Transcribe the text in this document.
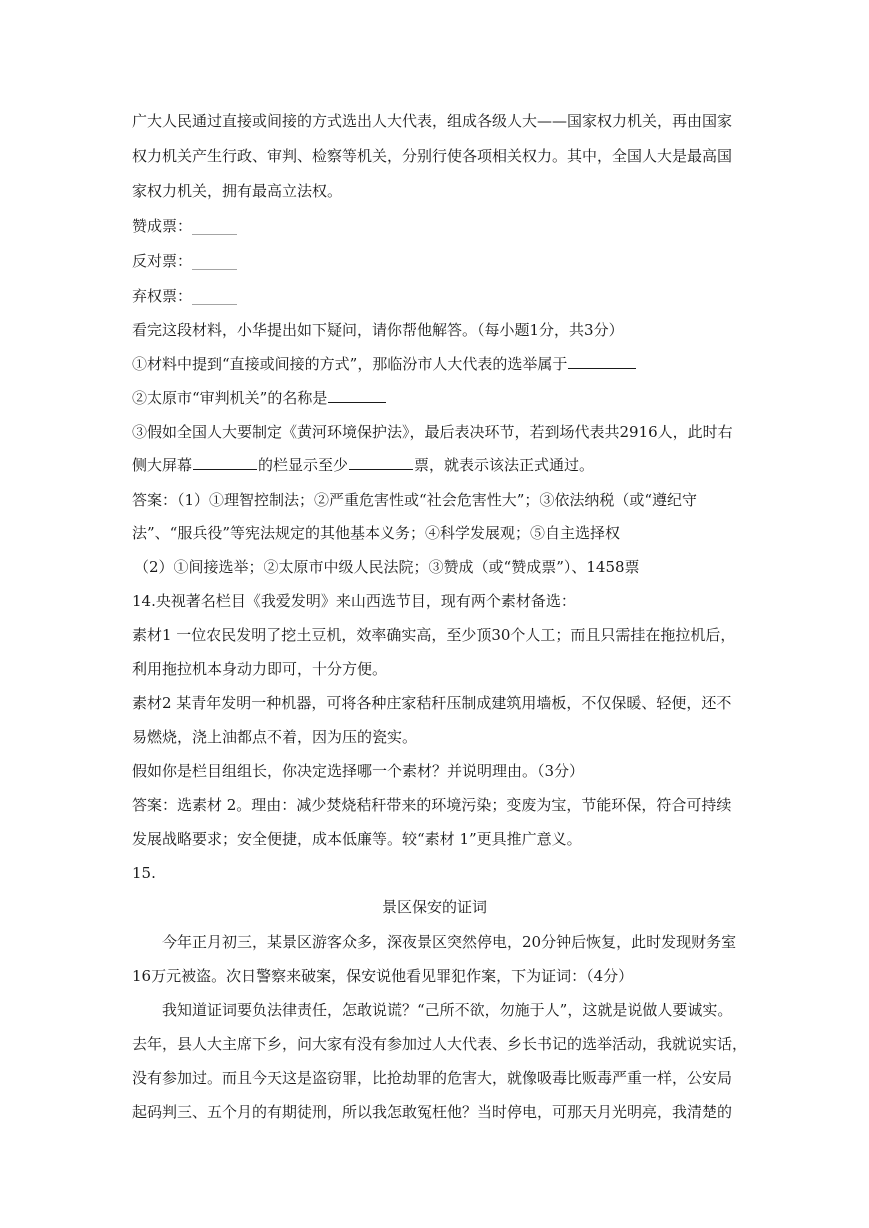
广大人民通过直接或间接的方式选出人大代表，组成各级人大——国家权力机关，再由国家
权力机关产生行政、审判、检察等机关，分别行使各项相关权力。其中，全国人大是最高国
家权力机关，拥有最高立法权。
赞成票：______
反对票：______
弃权票：______
看完这段材料，小华提出如下疑问，请你帮他解答。（每小题1分，共3分）
①材料中提到“直接或间接的方式”，那临汾市人大代表的选举属于
②太原市“审判机关”的名称是
③假如全国人大要制定《黄河环境保护法》，最后表决环节，若到场代表共2916人，此时右
侧大屏幕	的栏显示至少	票，就表示该法正式通过。
答案：（1）①理智控制法；②严重危害性或“社会危害性大”；③依法纳税（或“遵纪守
法”、“服兵役”等宪法规定的其他基本义务；④科学发展观；⑤自主选择权
（2）①间接选举；②太原市中级人民法院；③赞成（或“赞成票”）、1458票
14.央视著名栏目《我爱发明》来山西选节目，现有两个素材备选：
素材1 一位农民发明了挖土豆机，效率确实高，至少顶30个人工；而且只需挂在拖拉机后，
利用拖拉机本身动力即可，十分方便。
素材2 某青年发明一种机器，可将各种庄家秸秆压制成建筑用墙板，不仅保暖、轻便，还不
易燃烧，浇上油都点不着，因为压的瓷实。
假如你是栏目组组长，你决定选择哪一个素材？并说明理由。（3分）
答案：选素材 2。理由：减少焚烧秸秆带来的环境污染；变废为宝，节能环保，符合可持续
发展战略要求；安全便捷，成本低廉等。较“素材 1”更具推广意义。
15.
景区保安的证词
今年正月初三，某景区游客众多，深夜景区突然停电，20分钟后恢复，此时发现财务室
16万元被盗。次日警察来破案，保安说他看见罪犯作案，下为证词：（4分）
我知道证词要负法律责任，怎敢说谎？“己所不欲，勿施于人”，这就是说做人要诚实。
去年，县人大主席下乡，问大家有没有参加过人大代表、乡长书记的选举活动，我就说实话，
没有参加过。而且今天这是盗窃罪，比抢劫罪的危害大，就像吸毒比贩毒严重一样，公安局
起码判三、五个月的有期徒刑，所以我怎敢冤枉他？当时停电，可那天月光明亮，我清楚的
